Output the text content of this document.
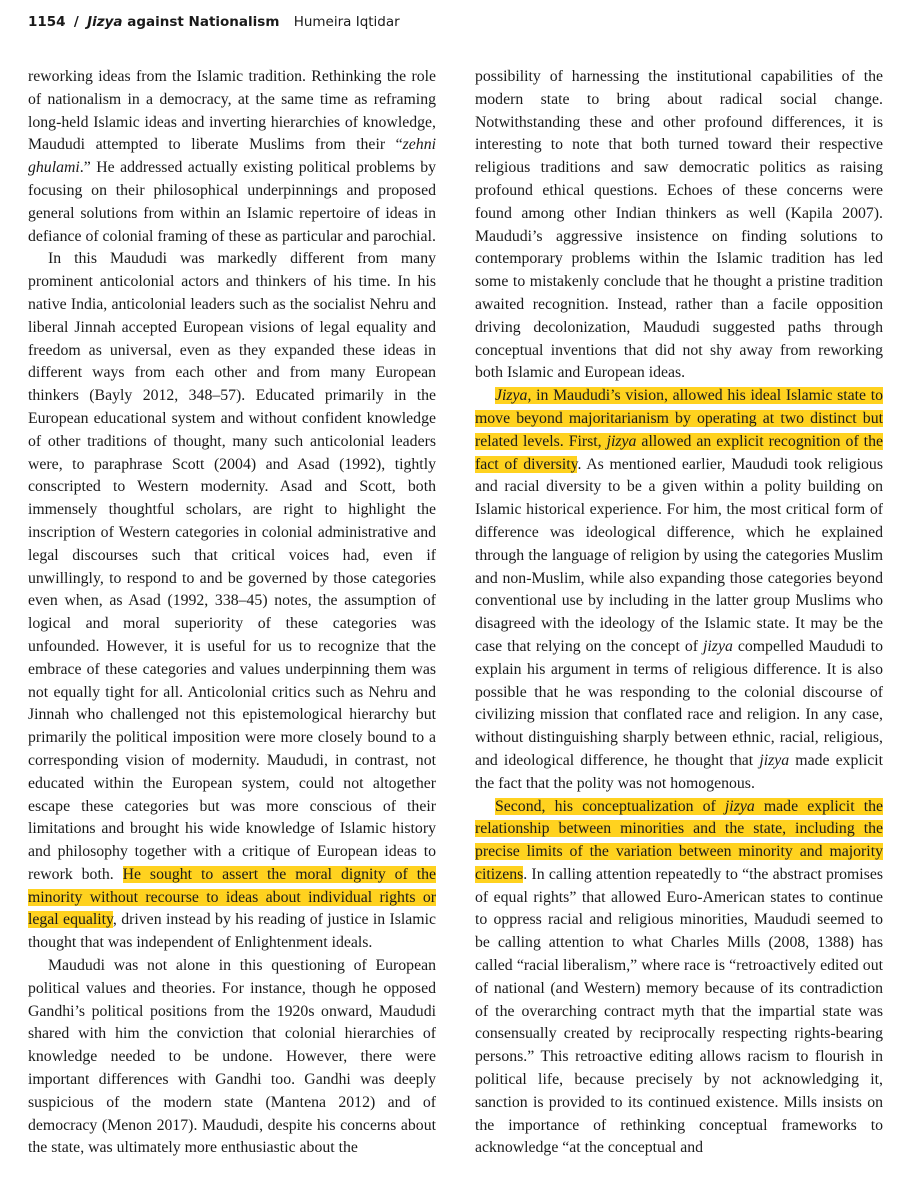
1154 / Jizya against Nationalism Humeira Iqtidar

reworking ideas from the Islamic tradition. Rethinking the role of nationalism in a democracy, at the same time as reframing long-held Islamic ideas and inverting hierarchies of knowledge, Maududi attempted to liberate Muslims from their “zehni ghulami.” He addressed actually existing political problems by focusing on their philosophical underpinnings and proposed general solutions from within an Islamic repertoire of ideas in defiance of colonial framing of these as particular and parochial.

In this Maududi was markedly different from many prominent anticolonial actors and thinkers of his time. In his native India, anticolonial leaders such as the socialist Nehru and liberal Jinnah accepted European visions of legal equality and freedom as universal, even as they expanded these ideas in different ways from each other and from many European thinkers (Bayly 2012, 348–57). Educated primarily in the European educational system and without confident knowledge of other traditions of thought, many such anticolonial leaders were, to paraphrase Scott (2004) and Asad (1992), tightly conscripted to Western modernity. Asad and Scott, both immensely thoughtful scholars, are right to highlight the inscription of Western categories in colonial administrative and legal discourses such that critical voices had, even if unwillingly, to respond to and be governed by those categories even when, as Asad (1992, 338–45) notes, the assumption of logical and moral superiority of these categories was unfounded. However, it is useful for us to recognize that the embrace of these categories and values underpinning them was not equally tight for all. Anticolonial critics such as Nehru and Jinnah who challenged not this epistemological hierarchy but primarily the political imposition were more closely bound to a corresponding vision of modernity. Maududi, in contrast, not educated within the European system, could not altogether escape these categories but was more conscious of their limitations and brought his wide knowledge of Islamic history and philosophy together with a critique of European ideas to rework both. He sought to assert the moral dignity of the minority without recourse to ideas about individual rights or legal equality, driven instead by his reading of justice in Islamic thought that was independent of Enlightenment ideals.

Maududi was not alone in this questioning of European political values and theories. For instance, though he opposed Gandhi’s political positions from the 1920s onward, Maududi shared with him the conviction that colonial hierarchies of knowledge needed to be undone. However, there were important differences with Gandhi too. Gandhi was deeply suspicious of the modern state (Mantena 2012) and of democracy (Menon 2017). Maududi, despite his concerns about the state, was ultimately more enthusiastic about the

possibility of harnessing the institutional capabilities of the modern state to bring about radical social change. Notwithstanding these and other profound differences, it is interesting to note that both turned toward their respective religious traditions and saw democratic politics as raising profound ethical questions. Echoes of these concerns were found among other Indian thinkers as well (Kapila 2007). Maududi’s aggressive insistence on finding solutions to contemporary problems within the Islamic tradition has led some to mistakenly conclude that he thought a pristine tradition awaited recognition. Instead, rather than a facile opposition driving decolonization, Maududi suggested paths through conceptual inventions that did not shy away from reworking both Islamic and European ideas.

Jizya, in Maududi’s vision, allowed his ideal Islamic state to move beyond majoritarianism by operating at two distinct but related levels. First, jizya allowed an explicit recognition of the fact of diversity. As mentioned earlier, Maududi took religious and racial diversity to be a given within a polity building on Islamic historical experience. For him, the most critical form of difference was ideological difference, which he explained through the language of religion by using the categories Muslim and non-Muslim, while also expanding those categories beyond conventional use by including in the latter group Muslims who disagreed with the ideology of the Islamic state. It may be the case that relying on the concept of jizya compelled Maududi to explain his argument in terms of religious difference. It is also possible that he was responding to the colonial discourse of civilizing mission that conflated race and religion. In any case, without distinguishing sharply between ethnic, racial, religious, and ideological difference, he thought that jizya made explicit the fact that the polity was not homogenous.

Second, his conceptualization of jizya made explicit the relationship between minorities and the state, including the precise limits of the variation between minority and majority citizens. In calling attention repeatedly to “the abstract promises of equal rights” that allowed Euro-American states to continue to oppress racial and religious minorities, Maududi seemed to be calling attention to what Charles Mills (2008, 1388) has called “racial liberalism,” where race is “retroactively edited out of national (and Western) memory because of its contradiction of the overarching contract myth that the impartial state was consensually created by reciprocally respecting rights-bearing persons.” This retroactive editing allows racism to flourish in political life, because precisely by not acknowledging it, sanction is provided to its continued existence. Mills insists on the importance of rethinking conceptual frameworks to acknowledge “at the conceptual and
